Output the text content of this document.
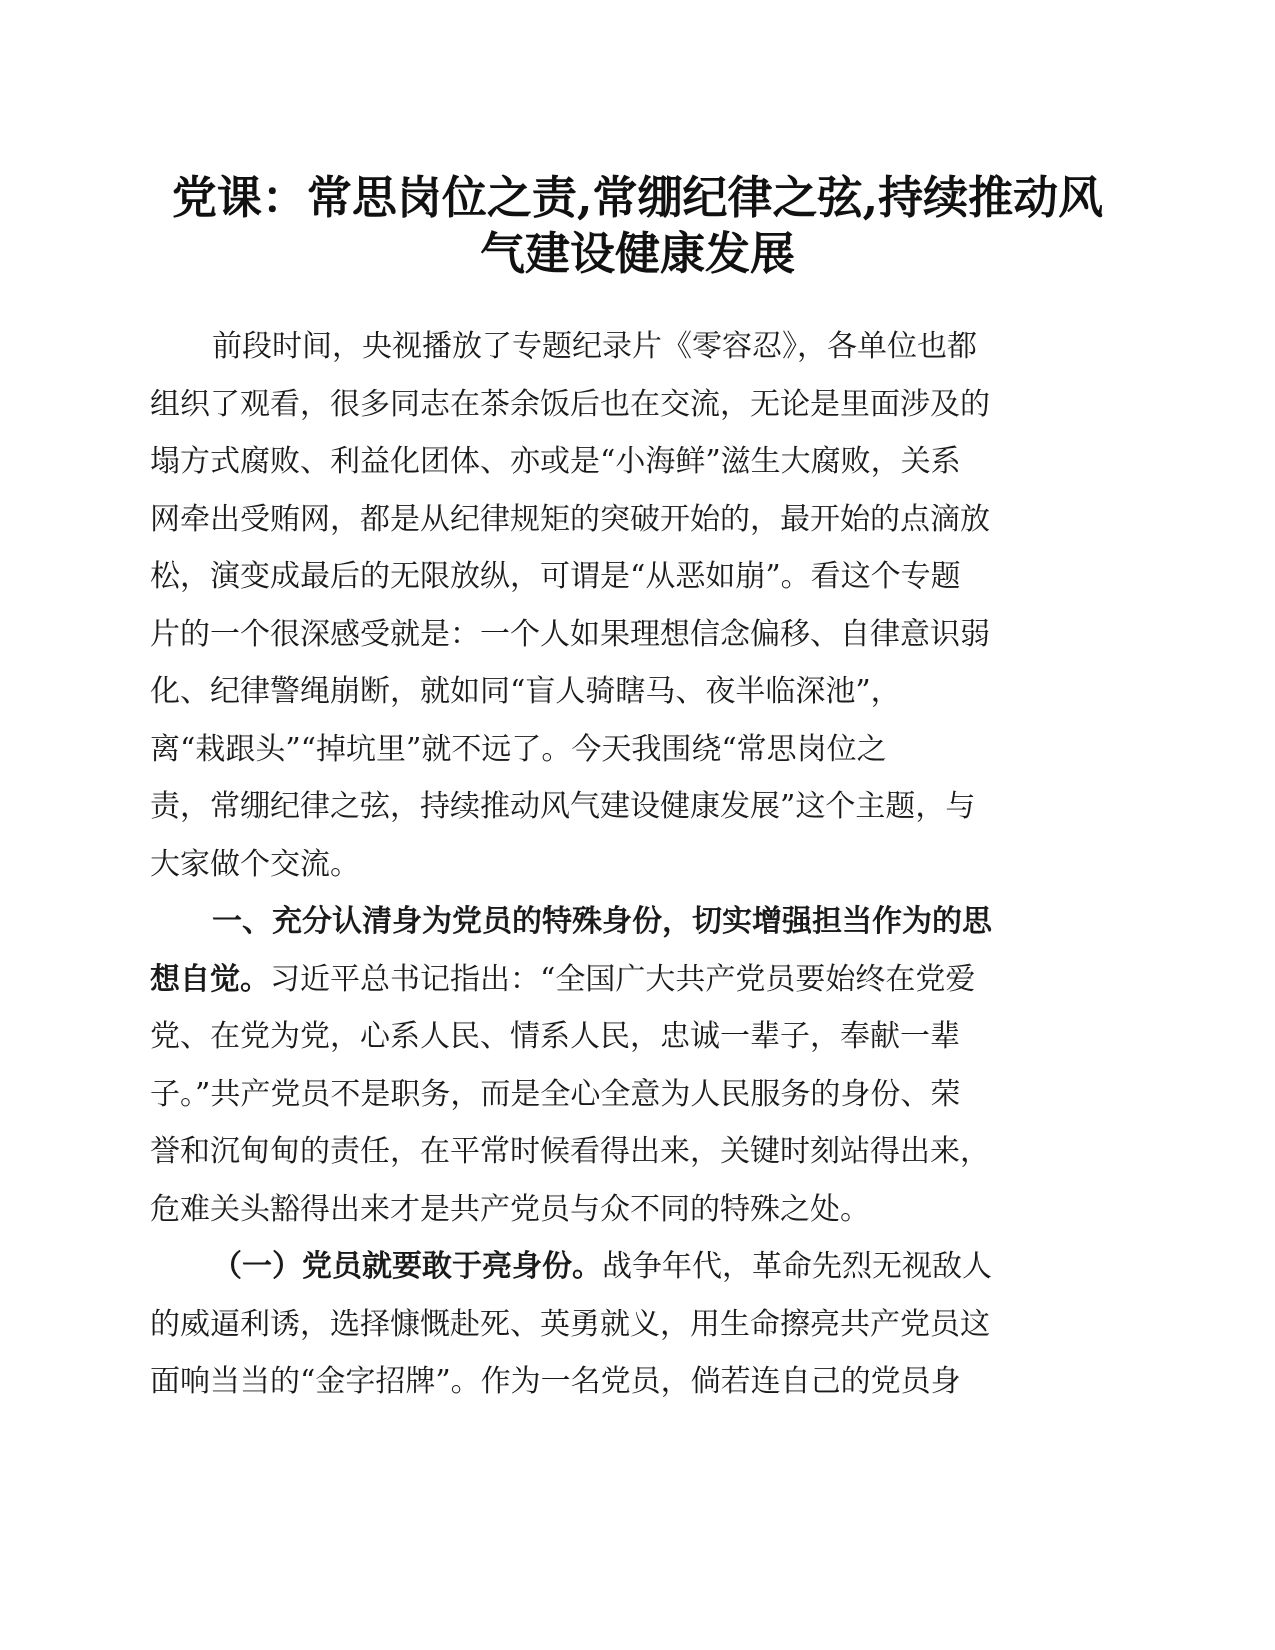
党课：常思岗位之责,常绷纪律之弦,持续推动风
气建设健康发展
前段时间，央视播放了专题纪录片《零容忍》，各单位也都
组织了观看，很多同志在茶余饭后也在交流，无论是里面涉及的
塌方式腐败、利益化团体、亦或是“小海鲜”滋生大腐败，关系
网牵出受贿网，都是从纪律规矩的突破开始的，最开始的点滴放
松，演变成最后的无限放纵，可谓是“从恶如崩”。看这个专题
片的一个很深感受就是：一个人如果理想信念偏移、自律意识弱
化、纪律警绳崩断，就如同“盲人骑瞎马、夜半临深池”，
离“栽跟头”“掉坑里”就不远了。今天我围绕“常思岗位之
责，常绷纪律之弦，持续推动风气建设健康发展”这个主题，与
大家做个交流。
一、充分认清身为党员的特殊身份，切实增强担当作为的思
想自觉。习近平总书记指出：“全国广大共产党员要始终在党爱
党、在党为党，心系人民、情系人民，忠诚一辈子，奉献一辈
子。”共产党员不是职务，而是全心全意为人民服务的身份、荣
誉和沉甸甸的责任，在平常时候看得出来，关键时刻站得出来，
危难关头豁得出来才是共产党员与众不同的特殊之处。
（一）党员就要敢于亮身份。战争年代，革命先烈无视敌人
的威逼利诱，选择慷慨赴死、英勇就义，用生命擦亮共产党员这
面响当当的“金字招牌”。作为一名党员，倘若连自己的党员身
